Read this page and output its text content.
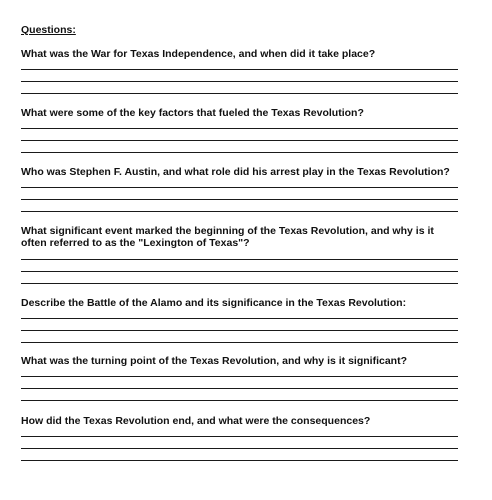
Questions:

What was the War for Texas Independence, and when did it take place?

What were some of the key factors that fueled the Texas Revolution?

Who was Stephen F. Austin, and what role did his arrest play in the Texas Revolution?

What significant event marked the beginning of the Texas Revolution, and why is it often referred to as the "Lexington of Texas"?

Describe the Battle of the Alamo and its significance in the Texas Revolution:

What was the turning point of the Texas Revolution, and why is it significant?

How did the Texas Revolution end, and what were the consequences?
